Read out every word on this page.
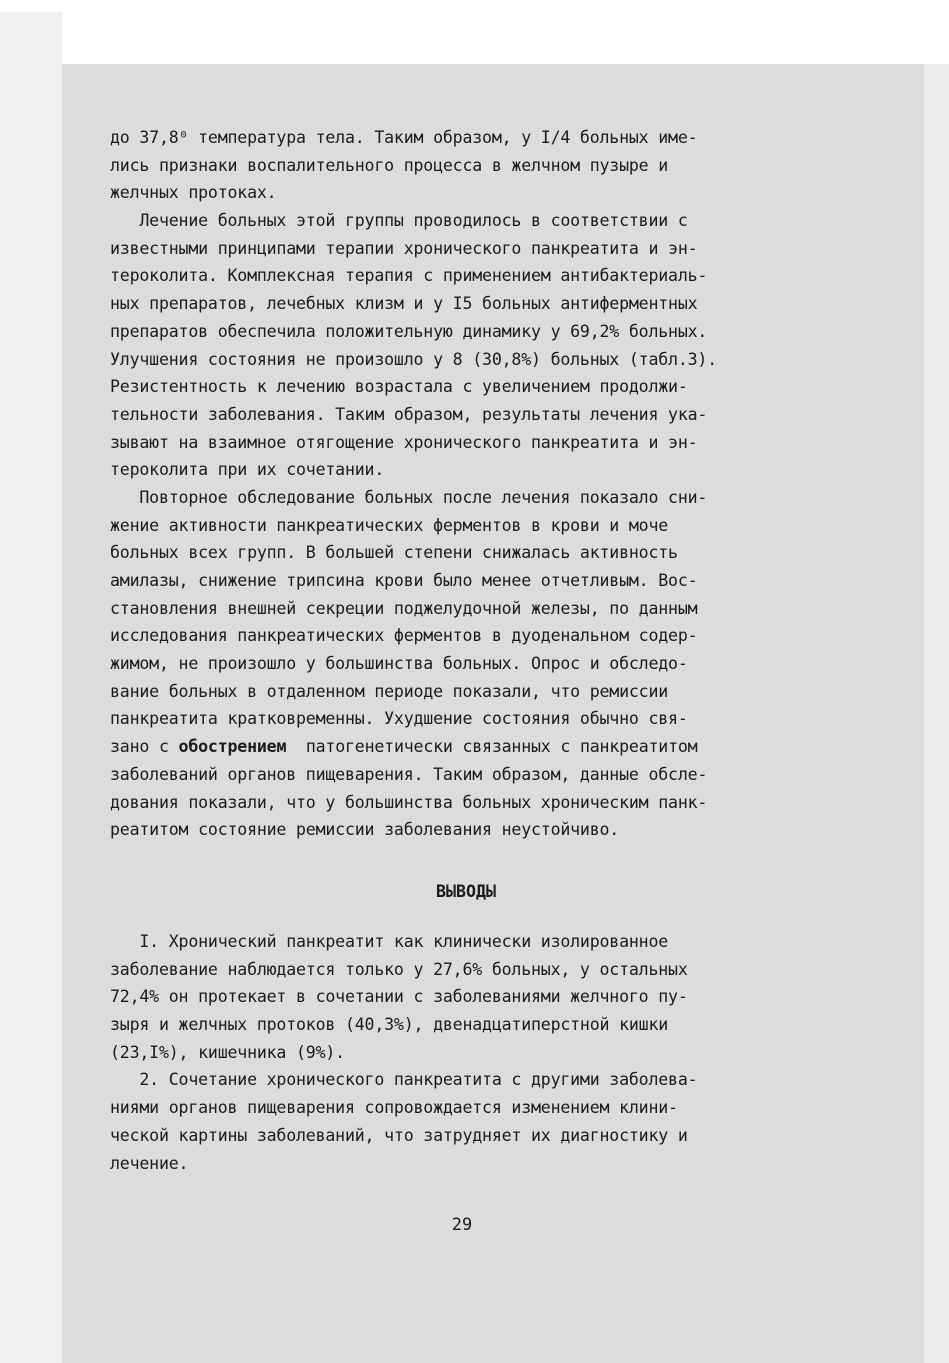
до 37,8⁰ температура тела. Таким образом, у I/4 больных име-
лись признаки воспалительного процесса в желчном пузыре и
желчных протоках.
Лечение больных этой группы проводилось в соответствии с
известными принципами терапии хронического панкреатита и эн-
тероколита. Комплексная терапия с применением антибактериаль-
ных препаратов, лечебных клизм и у I5 больных антиферментных
препаратов обеспечила положительную динамику у 69,2% больных.
Улучшения состояния не произошло у 8 (30,8%) больных (табл.3).
Резистентность к лечению возрастала с увеличением продолжи-
тельности заболевания. Таким образом, результаты лечения ука-
зывают на взаимное отягощение хронического панкреатита и эн-
тероколита при их сочетании.
Повторное обследование больных после лечения показало сни-
жение активности панкреатических ферментов в крови и моче
больных всех групп. В большей степени снижалась активность
амилазы, снижение трипсина крови было менее отчетливым. Вос-
становления внешней секреции поджелудочной железы, по данным
исследования панкреатических ферментов в дуоденальном содер-
жимом, не произошло у большинства больных. Опрос и обследо-
вание больных в отдаленном периоде показали, что ремиссии
панкреатита кратковременны. Ухудшение состояния обычно свя-
зано с обострением  патогенетически связанных с панкреатитом
заболеваний органов пищеварения. Таким образом, данные обсле-
дования показали, что у большинства больных хроническим панк-
реатитом состояние ремиссии заболевания неустойчиво.
ВЫВОДЫ
I. Хронический панкреатит как клинически изолированное
заболевание наблюдается только у 27,6% больных, у остальных
72,4% он протекает в сочетании с заболеваниями желчного пу-
зыря и желчных протоков (40,3%), двенадцатиперстной кишки
(23,I%), кишечника (9%).
2. Сочетание хронического панкреатита с другими заболева-
ниями органов пищеварения сопровождается изменением клини-
ческой картины заболеваний, что затрудняет их диагностику и
лечение.
29
